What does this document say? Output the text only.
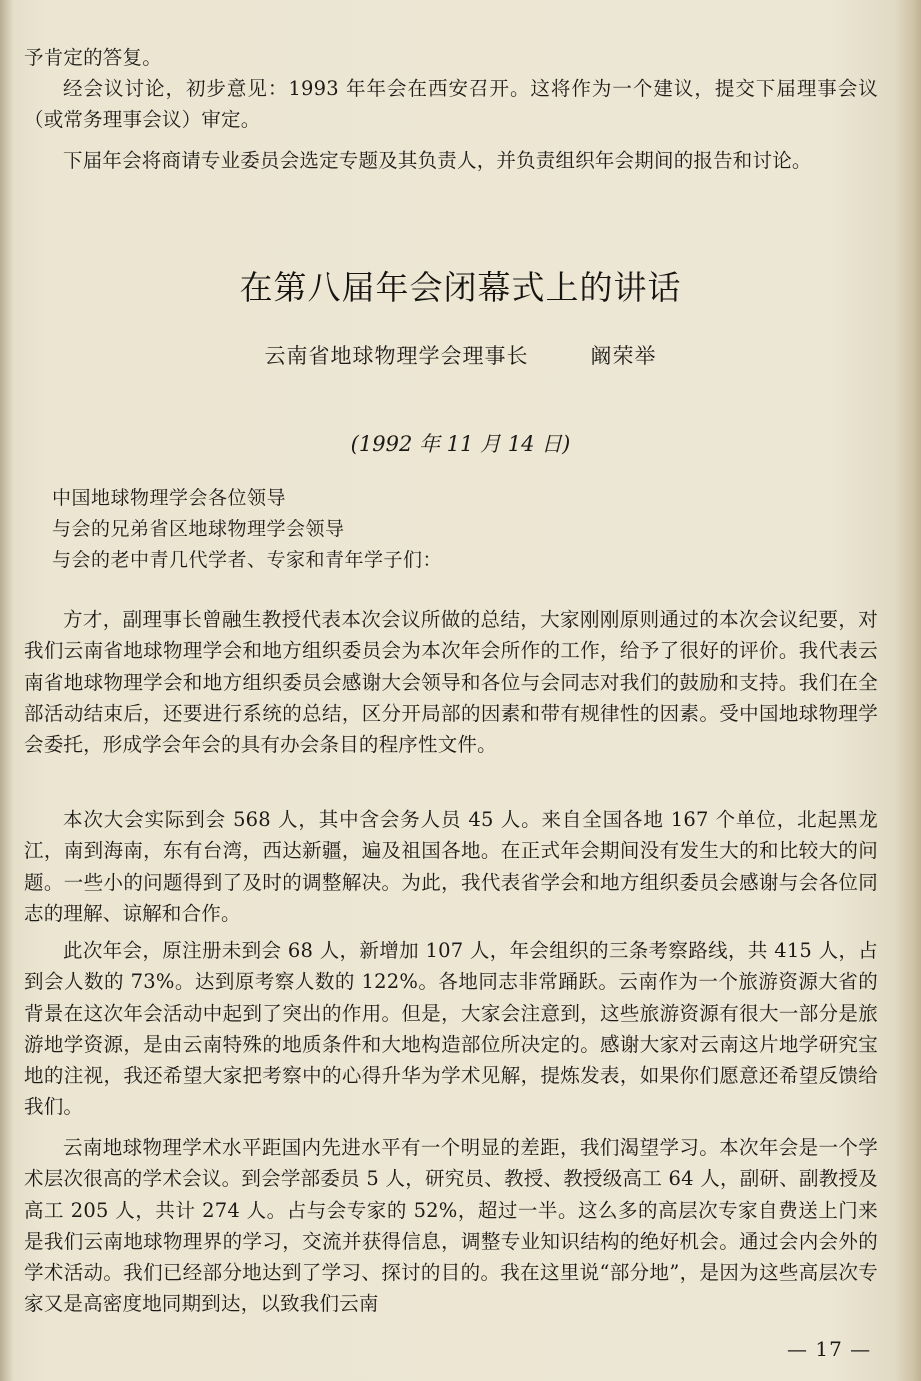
予肯定的答复。

经会议讨论，初步意见：1993 年年会在西安召开。这将作为一个建议，提交下届理事会议（或常务理事会议）审定。

下届年会将商请专业委员会选定专题及其负责人，并负责组织年会期间的报告和讨论。

在第八届年会闭幕式上的讲话
云南省地球物理学会理事长	阚荣举
(1992 年 11 月 14 日)
中国地球物理学会各位领导
与会的兄弟省区地球物理学会领导
与会的老中青几代学者、专家和青年学子们：

方才，副理事长曾融生教授代表本次会议所做的总结，大家刚刚原则通过的本次会议纪要，对我们云南省地球物理学会和地方组织委员会为本次年会所作的工作，给予了很好的评价。我代表云南省地球物理学会和地方组织委员会感谢大会领导和各位与会同志对我们的鼓励和支持。我们在全部活动结束后，还要进行系统的总结，区分开局部的因素和带有规律性的因素。受中国地球物理学会委托，形成学会年会的具有办会条目的程序性文件。

本次大会实际到会 568 人，其中含会务人员 45 人。来自全国各地 167 个单位，北起黑龙江，南到海南，东有台湾，西达新疆，遍及祖国各地。在正式年会期间没有发生大的和比较大的问题。一些小的问题得到了及时的调整解决。为此，我代表省学会和地方组织委员会感谢与会各位同志的理解、谅解和合作。

此次年会，原注册未到会 68 人，新增加 107 人，年会组织的三条考察路线，共 415 人，占到会人数的 73%。达到原考察人数的 122%。各地同志非常踊跃。云南作为一个旅游资源大省的背景在这次年会活动中起到了突出的作用。但是，大家会注意到，这些旅游资源有很大一部分是旅游地学资源，是由云南特殊的地质条件和大地构造部位所决定的。感谢大家对云南这片地学研究宝地的注视，我还希望大家把考察中的心得升华为学术见解，提炼发表，如果你们愿意还希望反馈给我们。

云南地球物理学术水平距国内先进水平有一个明显的差距，我们渴望学习。本次年会是一个学术层次很高的学术会议。到会学部委员 5 人，研究员、教授、教授级高工 64 人，副研、副教授及高工 205 人，共计 274 人。占与会专家的 52%，超过一半。这么多的高层次专家自费送上门来是我们云南地球物理界的学习，交流并获得信息，调整专业知识结构的绝好机会。通过会内会外的学术活动。我们已经部分地达到了学习、探讨的目的。我在这里说“部分地”，是因为这些高层次专家又是高密度地同期到达，以致我们云南

— 17 —
